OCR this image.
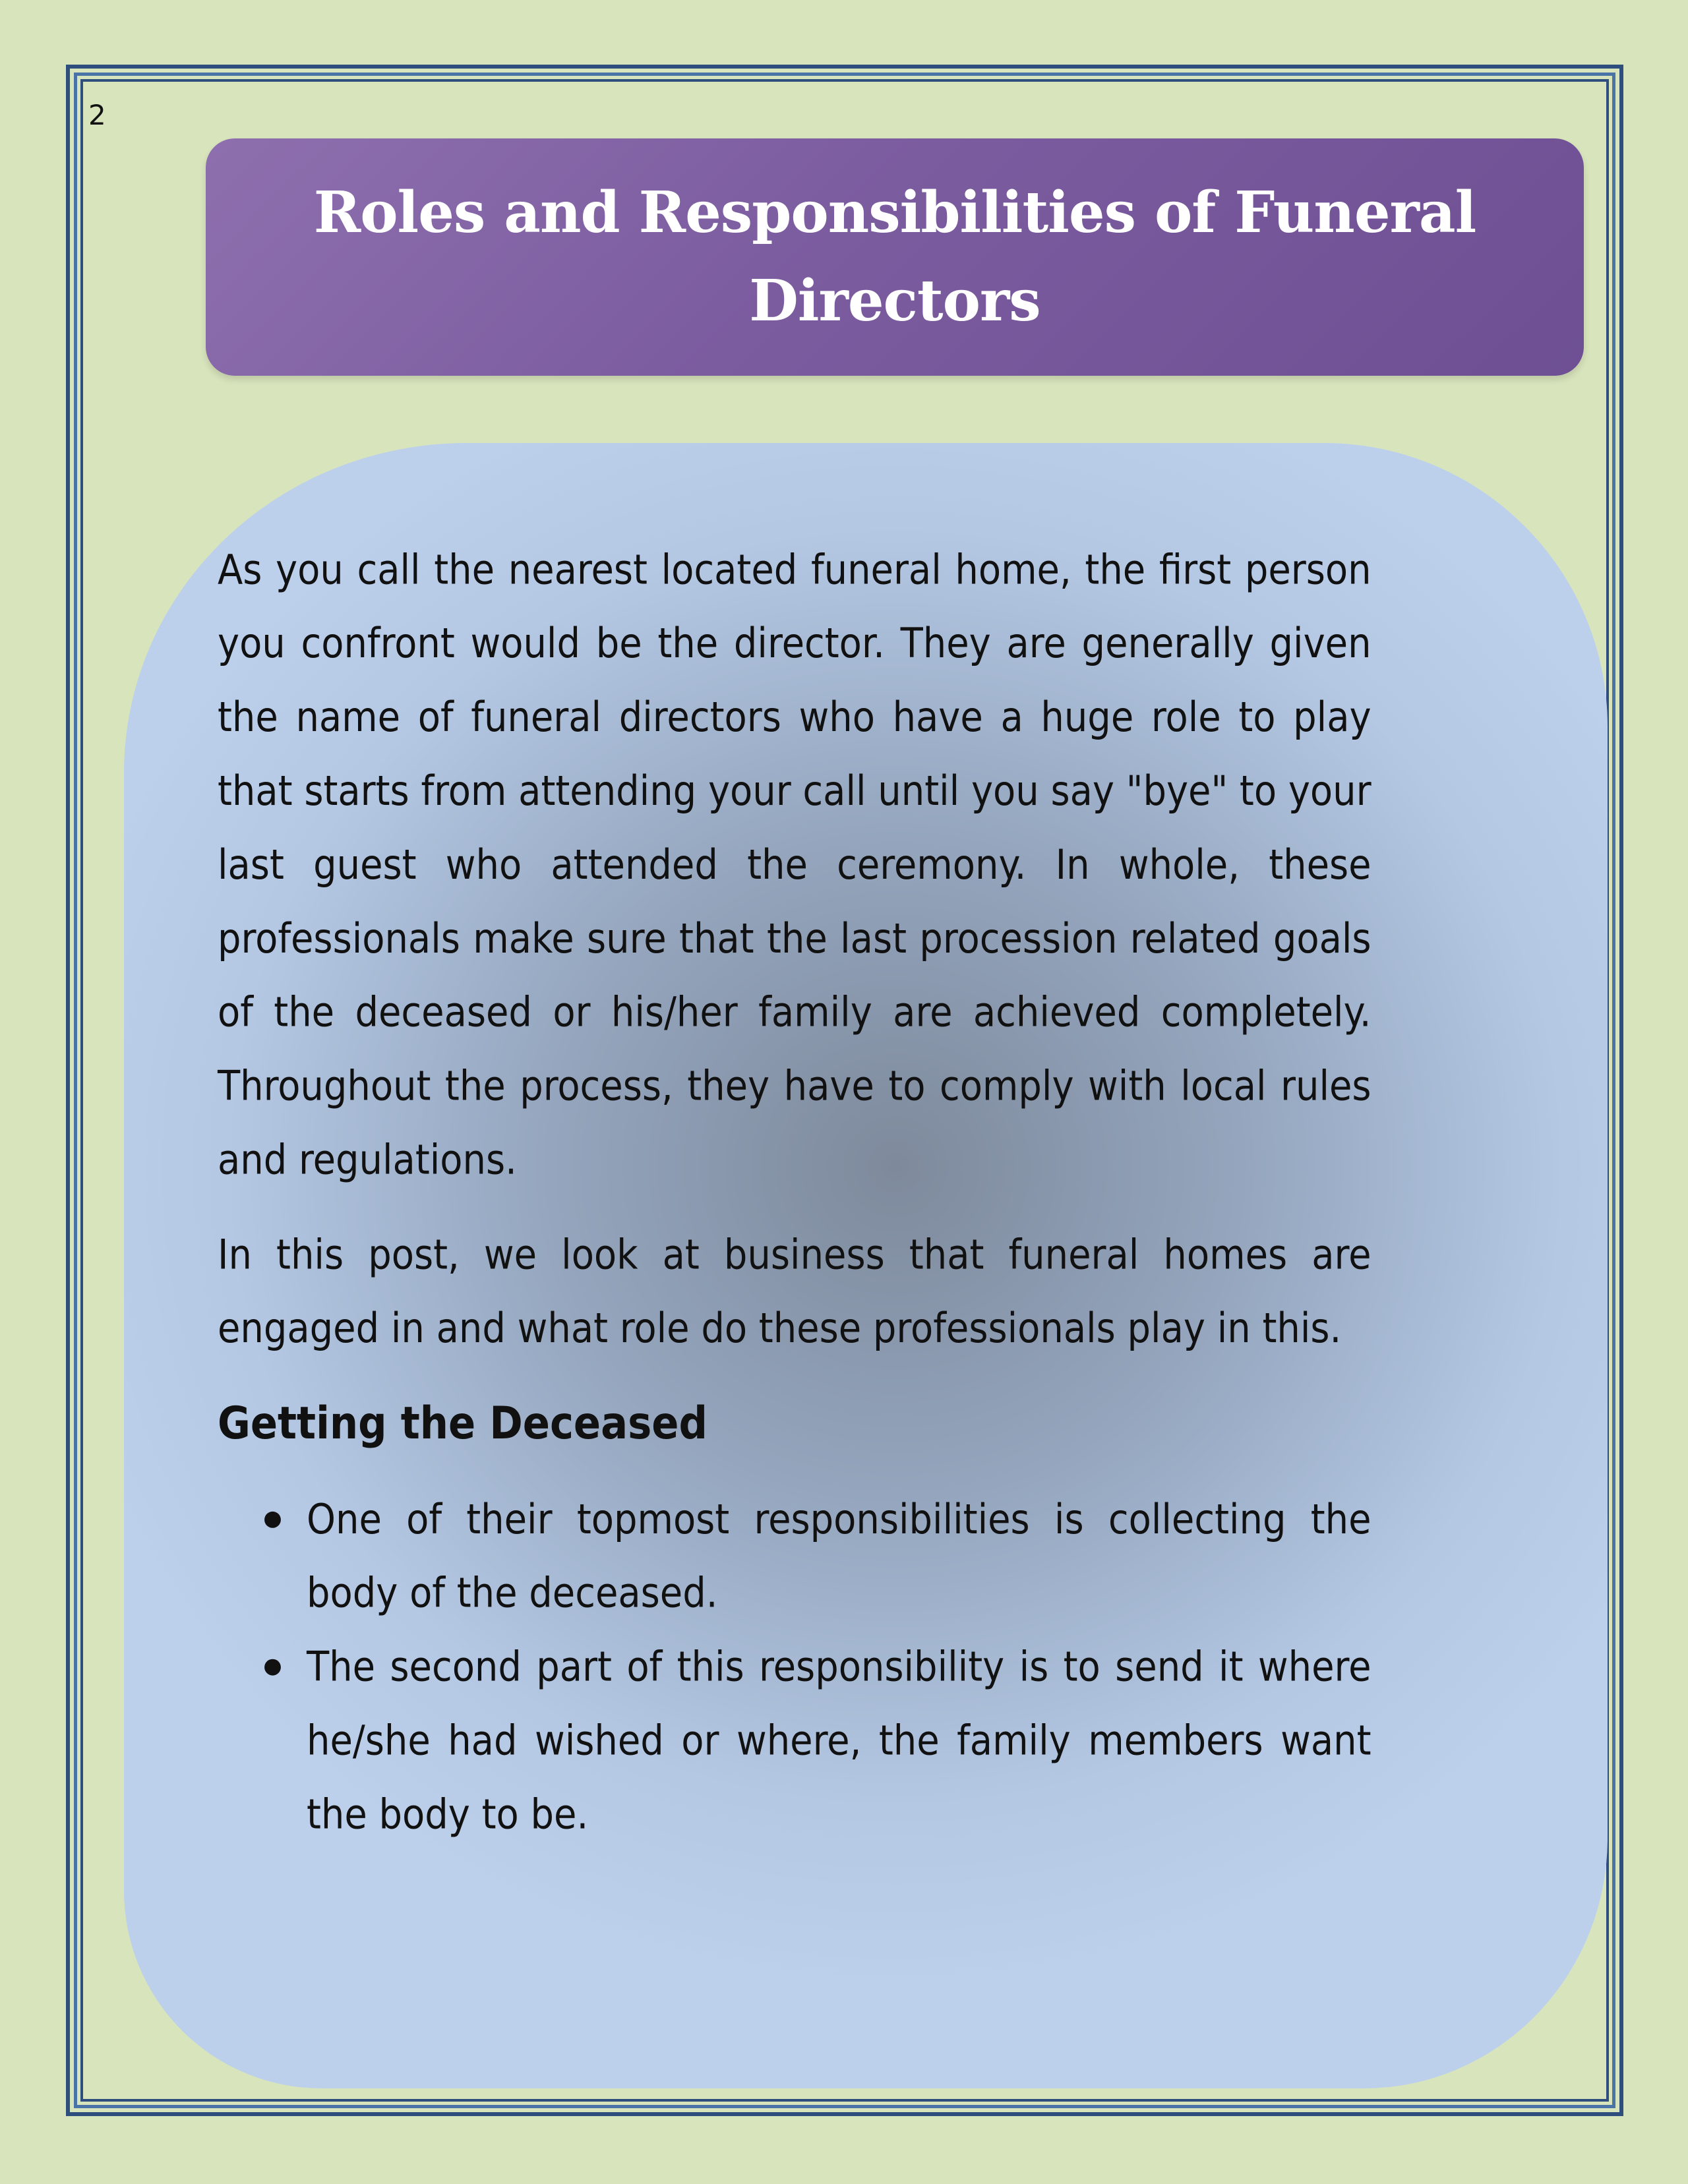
2
Roles and Responsibilities of Funeral Directors

As you call the nearest located funeral home, the first person you confront would be the director. They are generally given the name of funeral directors who have a huge role to play that starts from attending your call until you say "bye" to your last guest who attended the ceremony. In whole, these professionals make sure that the last procession related goals of the deceased or his/her family are achieved completely. Throughout the process, they have to comply with local rules and regulations.

In this post, we look at business that funeral homes are engaged in and what role do these professionals play in this.

Getting the Deceased
One of their topmost responsibilities is collecting the body of the deceased.
The second part of this responsibility is to send it where he/she had wished or where, the family members want the body to be.
